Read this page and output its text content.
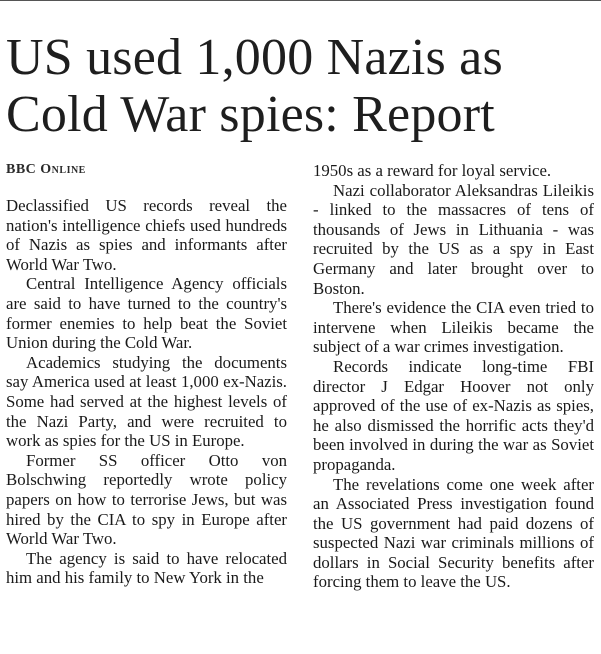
US used 1,000 Nazis as Cold War spies: Report
BBC Online

Declassified US records reveal the nation's intelligence chiefs used hundreds of Nazis as spies and informants after World War Two.

Central Intelligence Agency officials are said to have turned to the country's former enemies to help beat the Soviet Union during the Cold War.

Academics studying the documents say America used at least 1,000 ex-Nazis. Some had served at the highest levels of the Nazi Party, and were recruited to work as spies for the US in Europe.

Former SS officer Otto von Bolschwing reportedly wrote policy papers on how to terrorise Jews, but was hired by the CIA to spy in Europe after World War Two.

The agency is said to have relocated him and his family to New York in the

1950s as a reward for loyal service.

Nazi collaborator Aleksandras Lileikis - linked to the massacres of tens of thousands of Jews in Lithuania - was recruited by the US as a spy in East Germany and later brought over to Boston.

There's evidence the CIA even tried to intervene when Lileikis became the subject of a war crimes investigation.

Records indicate long-time FBI director J Edgar Hoover not only approved of the use of ex-Nazis as spies, he also dismissed the horrific acts they'd been involved in during the war as Soviet propaganda.

The revelations come one week after an Associated Press investigation found the US government had paid dozens of suspected Nazi war criminals millions of dollars in Social Security benefits after forcing them to leave the US.
